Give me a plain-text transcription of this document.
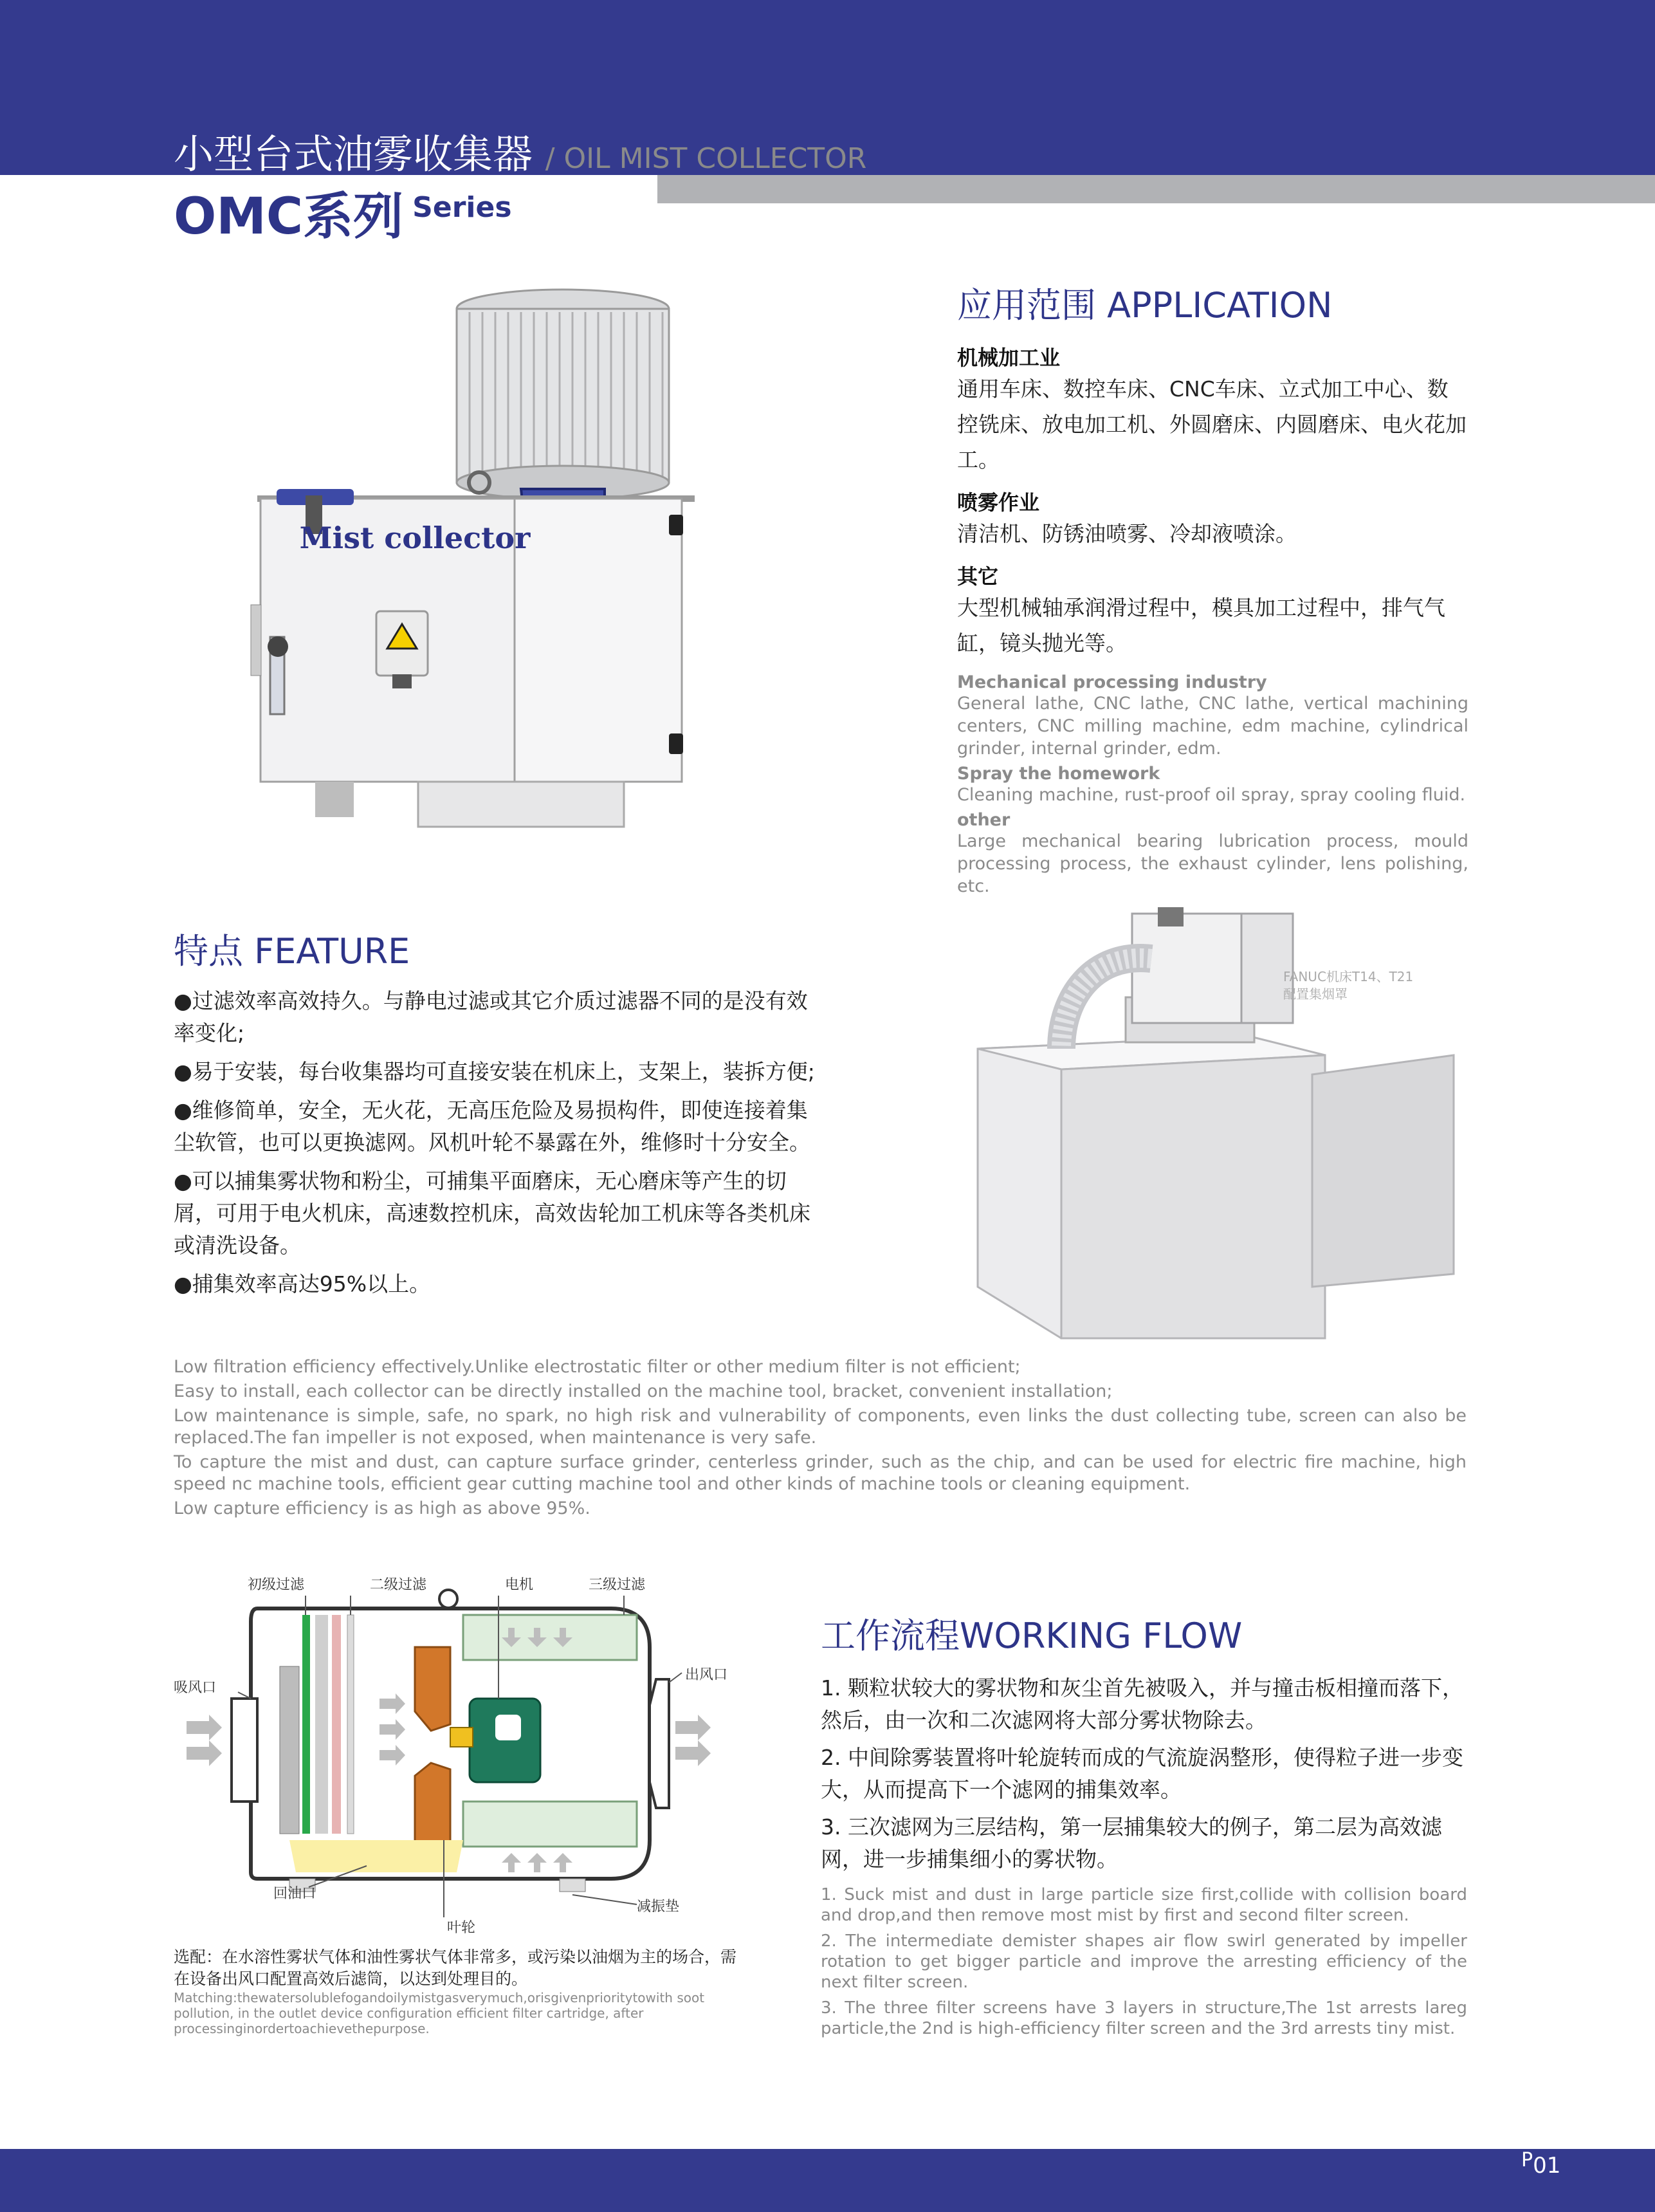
小型台式油雾收集器 / OIL MIST COLLECTOR
OMC系列 $^{Series}$
Mist collector
应用范围 APPLICATION
机械加工业
通用车床、数控车床、CNC车床、立式加工中心、数控铣床、放电加工机、外圆磨床、内圆磨床、电火花加工。
喷雾作业
清洁机、防锈油喷雾、冷却液喷涂。
其它
大型机械轴承润滑过程中，模具加工过程中，排气气缸，镜头抛光等。
Mechanical processing industry
General lathe, CNC lathe, CNC lathe, vertical machining centers, CNC milling machine, edm machine, cylindrical grinder, internal grinder, edm.
Spray the homework
Cleaning machine, rust-proof oil spray, spray cooling fluid.
other
Large mechanical bearing lubrication process, mould processing process, the exhaust cylinder, lens polishing, etc.
FANUC机床T14、T21
配置集烟罩
特点 FEATURE

●过滤效率高效持久。与静电过滤或其它介质过滤器不同的是没有效率变化;

●易于安装，每台收集器均可直接安装在机床上，支架上，装拆方便;

●维修简单，安全，无火花，无高压危险及易损构件，即使连接着集尘软管，也可以更换滤网。风机叶轮不暴露在外，维修时十分安全。

●可以捕集雾状物和粉尘，可捕集平面磨床，无心磨床等产生的切屑，可用于电火机床，高速数控机床，高效齿轮加工机床等各类机床或清洗设备。

●捕集效率高达95%以上。

Low filtration efficiency effectively.Unlike electrostatic filter or other medium filter is not efficient;

Easy to install, each collector can be directly installed on the machine tool, bracket, convenient installation;

Low maintenance is simple, safe, no spark, no high risk and vulnerability of components, even links the dust collecting tube, screen can also be replaced.The fan impeller is not exposed, when maintenance is very safe.

To capture the mist and dust, can capture surface grinder, centerless grinder, such as the chip, and can be used for electric fire machine, high speed nc machine tools, efficient gear cutting machine tool and other kinds of machine tools or cleaning equipment.

Low capture efficiency is as high as above 95%.

初级过滤	二级过滤	电机	三级过滤
吸风口
出风口
回油口
减振垫
叶轮
选配：在水溶性雾状气体和油性雾状气体非常多，或污染以油烟为主的场合，需在设备出风口配置高效后滤筒，以达到处理目的。
Matching:thewatersolublefogandoilymistgasverymuch,orisgivenprioritytowith soot pollution, in the outlet device configuration efficient filter cartridge, after processinginordertoachievethepurpose.
工作流程WORKING FLOW

1. 颗粒状较大的雾状物和灰尘首先被吸入，并与撞击板相撞而落下，然后，由一次和二次滤网将大部分雾状物除去。

2. 中间除雾装置将叶轮旋转而成的气流旋涡整形，使得粒子进一步变大，从而提高下一个滤网的捕集效率。

3. 三次滤网为三层结构，第一层捕集较大的例子，第二层为高效滤网，进一步捕集细小的雾状物。

1. Suck mist and dust in large particle size first,collide with collision board and drop,and then remove most mist by first and second filter screen.

2. The intermediate demister shapes air flow swirl generated by impeller rotation to get bigger particle and improve the arresting efficiency of the next filter screen.

3. The three filter screens have 3 layers in structure,The 1st arrests lareg particle,the 2nd is high-efficiency filter screen and the 3rd arrests tiny mist.

P01
